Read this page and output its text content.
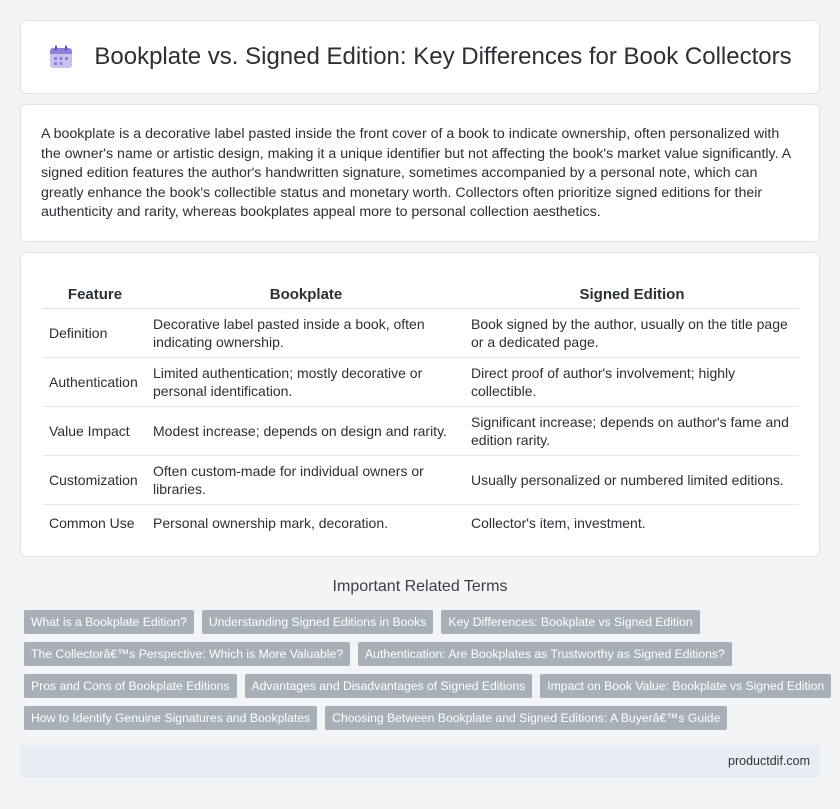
Bookplate vs. Signed Edition: Key Differences for Book Collectors

A bookplate is a decorative label pasted inside the front cover of a book to indicate ownership, often personalized with the owner's name or artistic design, making it a unique identifier but not affecting the book's market value significantly. A signed edition features the author's handwritten signature, sometimes accompanied by a personal note, which can greatly enhance the book's collectible status and monetary worth. Collectors often prioritize signed editions for their authenticity and rarity, whereas bookplates appeal more to personal collection aesthetics.

Feature	Bookplate	Signed Edition
Definition	Decorative label pasted inside a book, often indicating ownership.	Book signed by the author, usually on the title page or a dedicated page.
Authentication	Limited authentication; mostly decorative or personal identification.	Direct proof of author's involvement; highly collectible.
Value Impact	Modest increase; depends on design and rarity.	Significant increase; depends on author's fame and edition rarity.
Customization	Often custom-made for individual owners or libraries.	Usually personalized or numbered limited editions.
Common Use	Personal ownership mark, decoration.	Collector's item, investment.
Important Related Terms
What is a Bookplate Edition?	Understanding Signed Editions in Books	Key Differences: Bookplate vs Signed Edition
The Collectorâ€™s Perspective: Which is More Valuable?	Authentication: Are Bookplates as Trustworthy as Signed Editions?
Pros and Cons of Bookplate Editions	Advantages and Disadvantages of Signed Editions	Impact on Book Value: Bookplate vs Signed Edition
How to Identify Genuine Signatures and Bookplates	Choosing Between Bookplate and Signed Editions: A Buyerâ€™s Guide
productdif.com
